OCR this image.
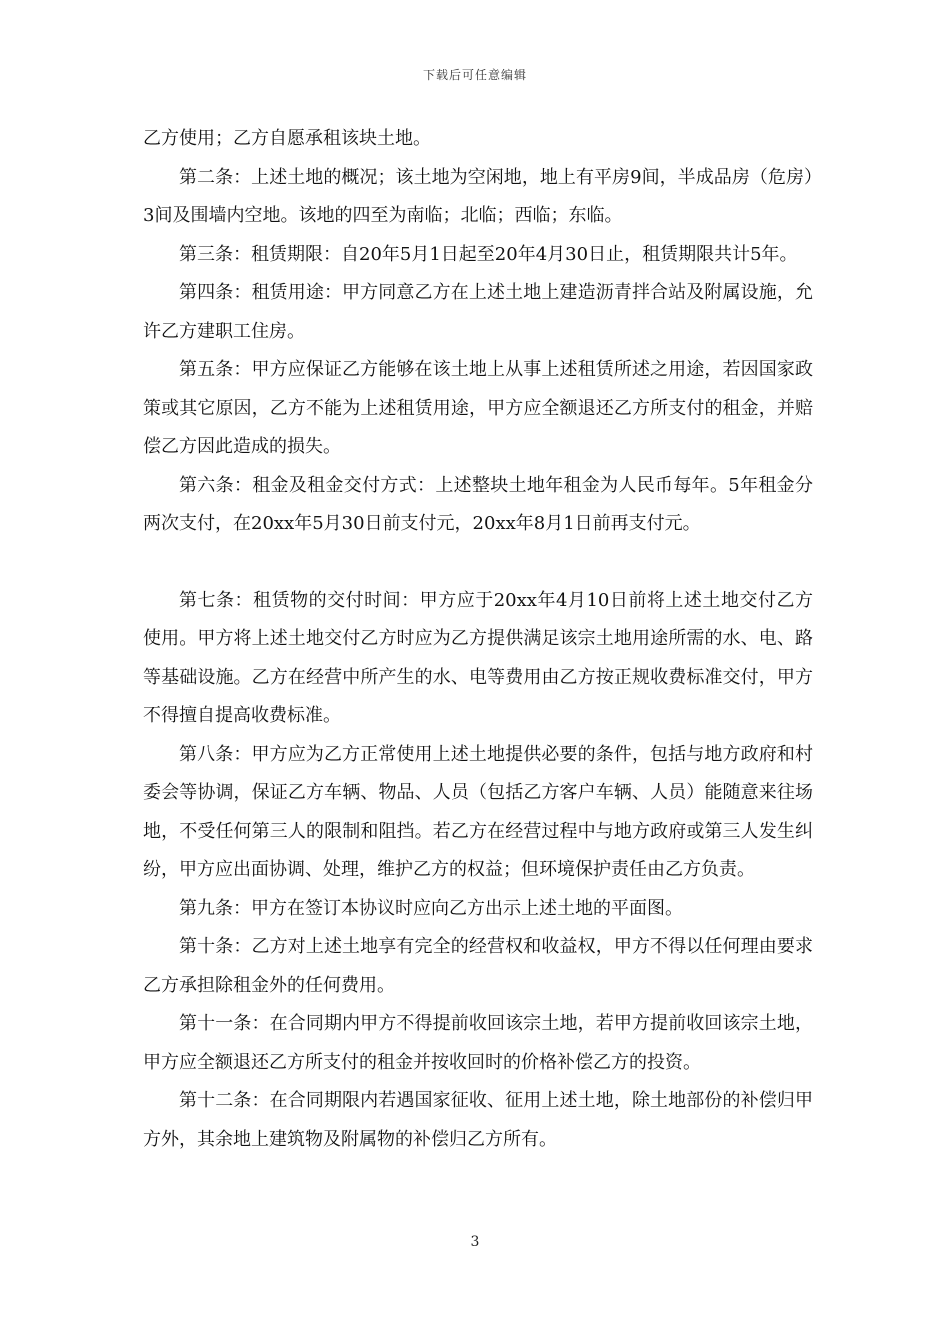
下载后可任意编辑

乙方使用；乙方自愿承租该块土地。

第二条：上述土地的概况；该土地为空闲地，地上有平房9间，半成品房（危房）3间及围墙内空地。该地的四至为南临；北临；西临；东临。

第三条：租赁期限：自20年5月1日起至20年4月30日止，租赁期限共计5年。

第四条：租赁用途：甲方同意乙方在上述土地上建造沥青拌合站及附属设施，允许乙方建职工住房。

第五条：甲方应保证乙方能够在该土地上从事上述租赁所述之用途，若因国家政策或其它原因，乙方不能为上述租赁用途，甲方应全额退还乙方所支付的租金，并赔偿乙方因此造成的损失。

第六条：租金及租金交付方式：上述整块土地年租金为人民币每年。5年租金分两次支付，在20xx年5月30日前支付元，20xx年8月1日前再支付元。

第七条：租赁物的交付时间：甲方应于20xx年4月10日前将上述土地交付乙方使用。甲方将上述土地交付乙方时应为乙方提供满足该宗土地用途所需的水、电、路等基础设施。乙方在经营中所产生的水、电等费用由乙方按正规收费标准交付，甲方不得擅自提高收费标准。

第八条：甲方应为乙方正常使用上述土地提供必要的条件，包括与地方政府和村委会等协调，保证乙方车辆、物品、人员（包括乙方客户车辆、人员）能随意来往场地，不受任何第三人的限制和阻挡。若乙方在经营过程中与地方政府或第三人发生纠纷，甲方应出面协调、处理，维护乙方的权益；但环境保护责任由乙方负责。

第九条：甲方在签订本协议时应向乙方出示上述土地的平面图。

第十条：乙方对上述土地享有完全的经营权和收益权，甲方不得以任何理由要求乙方承担除租金外的任何费用。

第十一条：在合同期内甲方不得提前收回该宗土地，若甲方提前收回该宗土地，甲方应全额退还乙方所支付的租金并按收回时的价格补偿乙方的投资。

第十二条：在合同期限内若遇国家征收、征用上述土地，除土地部份的补偿归甲方外，其余地上建筑物及附属物的补偿归乙方所有。

3
